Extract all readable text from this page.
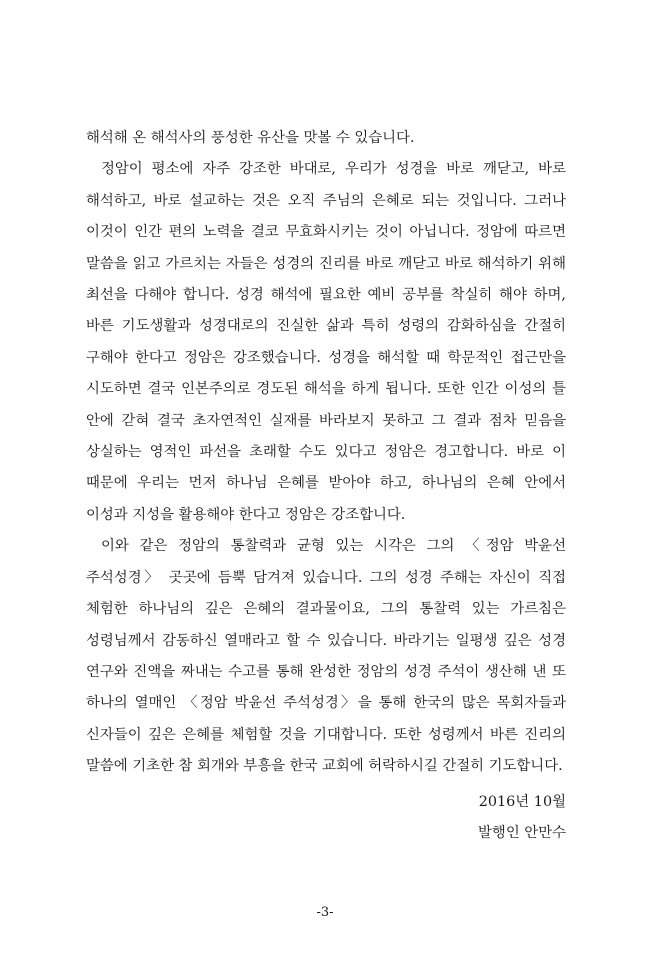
해석해 온 해석사의 풍성한 유산을 맛볼 수 있습니다.

정암이 평소에 자주 강조한 바대로, 우리가 성경을 바로 깨닫고, 바로 해석하고, 바로 설교하는 것은 오직 주님의 은혜로 되는 것입니다. 그러나 이것이 인간 편의 노력을 결코 무효화시키는 것이 아닙니다. 정암에 따르면 말씀을 읽고 가르치는 자들은 성경의 진리를 바로 깨닫고 바로 해석하기 위해 최선을 다해야 합니다. 성경 해석에 필요한 예비 공부를 착실히 해야 하며, 바른 기도생활과 성경대로의 진실한 삶과 특히 성령의 감화하심을 간절히 구해야 한다고 정암은 강조했습니다. 성경을 해석할 때 학문적인 접근만을 시도하면 결국 인본주의로 경도된 해석을 하게 됩니다. 또한 인간 이성의 틀 안에 갇혀 결국 초자연적인 실재를 바라보지 못하고 그 결과 점차 믿음을 상실하는 영적인 파선을 초래할 수도 있다고 정암은 경고합니다. 바로 이 때문에 우리는 먼저 하나님 은혜를 받아야 하고, 하나님의 은혜 안에서 이성과 지성을 활용해야 한다고 정암은 강조합니다.

이와 같은 정암의 통찰력과 균형 있는 시각은 그의 〈정암 박윤선 주석성경〉 곳곳에 듬뿍 담겨져 있습니다. 그의 성경 주해는 자신이 직접 체험한 하나님의 깊은 은혜의 결과물이요, 그의 통찰력 있는 가르침은 성령님께서 감동하신 열매라고 할 수 있습니다. 바라기는 일평생 깊은 성경 연구와 진액을 짜내는 수고를 통해 완성한 정암의 성경 주석이 생산해 낸 또 하나의 열매인 〈정암 박윤선 주석성경〉을 통해 한국의 많은 목회자들과 신자들이 깊은 은혜를 체험할 것을 기대합니다. 또한 성령께서 바른 진리의 말씀에 기초한 참 회개와 부흥을 한국 교회에 허락하시길 간절히 기도합니다.

2016년 10월
발행인 안만수
-3-
